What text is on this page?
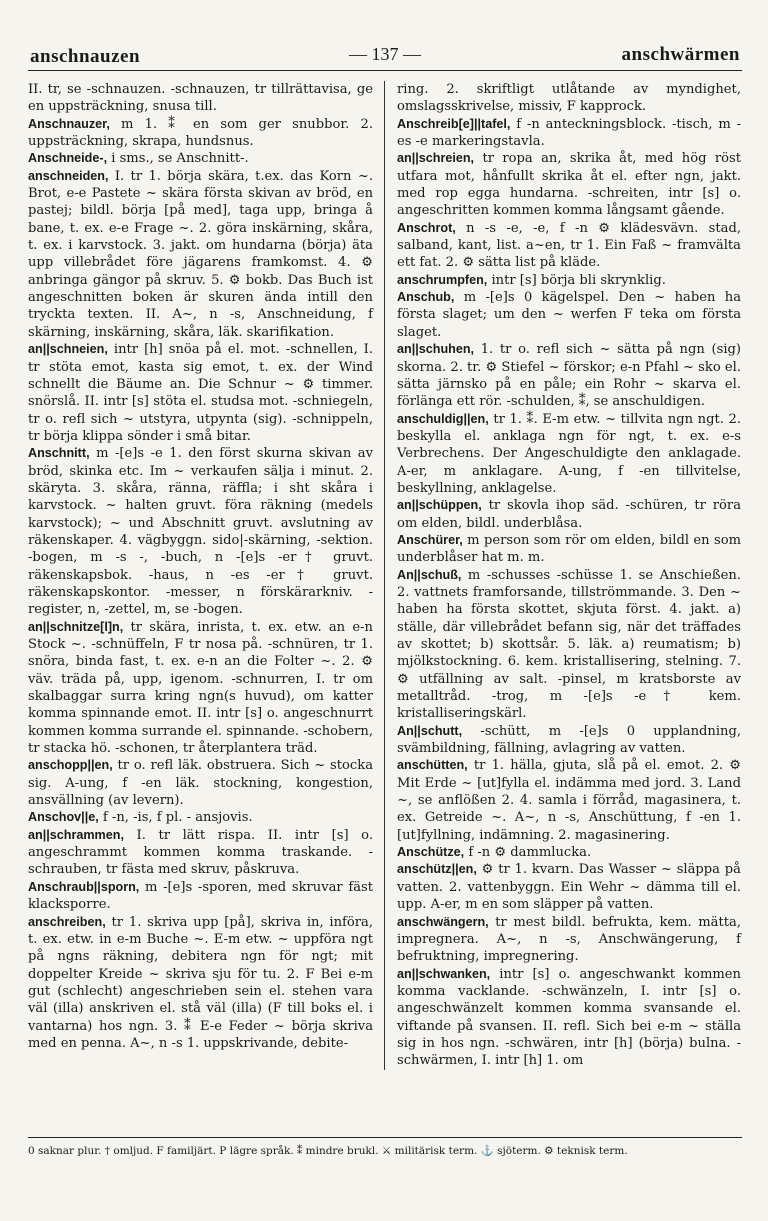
anschnauzen	— 137 —	anschwärmen

II. tr, se -schnauzen. -schnauzen, tr tillrättavisa, ge en uppsträckning, snusa till.

Anschnauzer, m 1. ⁑ en som ger snubbor. 2. uppsträckning, skrapa, hundsnus.

Anschneide-, i sms., se Anschnitt-.

anschneiden, I. tr 1. börja skära, t.ex. das Korn ~. Brot, e-e Pastete ~ skära första skivan av bröd, en pastej; bildl. börja [på med], taga upp, bringa å bane, t. ex. e-e Frage ~. 2. göra inskärning, skåra, t. ex. i karvstock. 3. jakt. om hundarna (börja) äta upp villebrådet före jägarens framkomst. 4. ⚙ anbringa gängor på skruv. 5. ⚙ bokb. Das Buch ist angeschnitten boken är skuren ända intill den tryckta texten. II. A~, n -s, Anschneidung, f skärning, inskärning, skåra, läk. skarifikation.

an||schneien, intr [h] snöa på el. mot. -schnellen, I. tr stöta emot, kasta sig emot, t. ex. der Wind schnellt die Bäume an. Die Schnur ~ ⚙ timmer. snörslå. II. intr [s] stöta el. studsa mot. -schniegeln, tr o. refl sich ~ utstyra, utpynta (sig). -schnippeln, tr börja klippa sönder i små bitar.

Anschnitt, m -[e]s -e 1. den först skurna skivan av bröd, skinka etc. Im ~ verkaufen sälja i minut. 2. skäryta. 3. skåra, ränna, räffla; i sht skåra i karvstock. ~ halten gruvt. föra räkning (medels karvstock); ~ und Abschnitt gruvt. avslutning av räkenskaper. 4. vägbyggn. sido|-skärning, -sektion. -bogen, m -s -, -buch, n -[e]s -er† gruvt. räkenskapsbok. -haus, n -es -er† gruvt. räkenskapskontor. -messer, n förskärarkniv. -register, n, -zettel, m, se -bogen.

an||schnitze[l]n, tr skära, inrista, t. ex. etw. an e-n Stock ~. -schnüffeln, F tr nosa på. -schnüren, tr 1. snöra, binda fast, t. ex. e-n an die Folter ~. 2. ⚙ väv. träda på, upp, igenom. -schnurren, I. tr om skalbaggar surra kring ngn(s huvud), om katter komma spinnande emot. II. intr [s] o. angeschnurrt kommen komma surrande el. spinnande. -schobern, tr stacka hö. -schonen, tr återplantera träd.

anschopp||en, tr o. refl läk. obstruera. Sich ~ stocka sig. A-ung, f -en läk. stockning, kongestion, ansvällning (av levern).

Anschov||e, f -n, -is, f pl. - ansjovis.

an||schrammen, I. tr lätt rispa. II. intr [s] o. angeschrammt kommen komma traskande. -schrauben, tr fästa med skruv, påskruva.

Anschraub||sporn, m -[e]s -sporen, med skruvar fäst klacksporre.

anschreiben, tr 1. skriva upp [på], skriva in, införa, t. ex. etw. in e-m Buche ~. E-m etw. ~ uppföra ngt på ngns räkning, debitera ngn för ngt; mit doppelter Kreide ~ skriva sju för tu. 2. F Bei e-m gut (schlecht) angeschrieben sein el. stehen vara väl (illa) anskriven el. stå väl (illa) (F till boks el. i vantarna) hos ngn. 3. ⁑ E-e Feder ~ börja skriva med en penna. A~, n -s 1. uppskrivande, debite-

ring. 2. skriftligt utlåtande av myndighet, omslagsskrivelse, missiv, F kapprock.

Anschreib[e]||tafel, f -n anteckningsblock. -tisch, m -es -e markeringstavla.

an||schreien, tr ropa an, skrika åt, med hög röst utfara mot, hånfullt skrika åt el. efter ngn, jakt. med rop egga hundarna. -schreiten, intr [s] o. angeschritten kommen komma långsamt gående.

Anschrot, n -s -e, -e, f -n ⚙ klädesvävn. stad, salband, kant, list. a~en, tr 1. Ein Faß ~ framvälta ett fat. 2. ⚙ sätta list på kläde.

anschrumpfen, intr [s] börja bli skrynklig.

Anschub, m -[e]s 0 kägelspel. Den ~ haben ha första slaget; um den ~ werfen F teka om första slaget.

an||schuhen, 1. tr o. refl sich ~ sätta på ngn (sig) skorna. 2. tr. ⚙ Stiefel ~ förskor; e-n Pfahl ~ sko el. sätta järnsko på en påle; ein Rohr ~ skarva el. förlänga ett rör. -schulden, ⁑, se anschuldigen.

anschuldig||en, tr 1. ⁑. E-m etw. ~ tillvita ngn ngt. 2. beskylla el. anklaga ngn för ngt, t. ex. e-s Verbrechens. Der Angeschuldigte den anklagade. A-er, m anklagare. A-ung, f -en tillvitelse, beskyllning, anklagelse.

an||schüppen, tr skovla ihop säd. -schüren, tr röra om elden, bildl. underblåsa.

Anschürer, m person som rör om elden, bildl en som underblåser hat m. m.

An||schuß, m -schusses -schüsse 1. se Anschießen. 2. vattnets framforsande, tillströmmande. 3. Den ~ haben ha första skottet, skjuta först. 4. jakt. a) ställe, där villebrådet befann sig, när det träffades av skottet; b) skottsår. 5. läk. a) reumatism; b) mjölkstockning. 6. kem. kristallisering, stelning. 7. ⚙ utfällning av salt. -pinsel, m kratsborste av metalltråd. -trog, m -[e]s -e† kem. kristalliseringskärl.

An||schutt, -schütt, m -[e]s 0 upplandning, svämbildning, fällning, avlagring av vatten.

anschütten, tr 1. hälla, gjuta, slå på el. emot. 2. ⚙ Mit Erde ~ [ut]fylla el. indämma med jord. 3. Land ~, se anflößen 2. 4. samla i förråd, magasinera, t. ex. Getreide ~. A~, n -s, Anschüttung, f -en 1. [ut]fyllning, indämning. 2. magasinering.

Anschütze, f -n ⚙ dammlucka.

anschütz||en, ⚙ tr 1. kvarn. Das Wasser ~ släppa på vatten. 2. vattenbyggn. Ein Wehr ~ dämma till el. upp. A-er, m en som släpper på vatten.

anschwängern, tr mest bildl. befrukta, kem. mätta, impregnera. A~, n -s, Anschwängerung, f befruktning, impregnering.

an||schwanken, intr [s] o. angeschwankt kommen komma vacklande. -schwänzeln, I. intr [s] o. angeschwänzelt kommen komma svansande el. viftande på svansen. II. refl. Sich bei e-m ~ ställa sig in hos ngn. -schwären, intr [h] (börja) bulna. -schwärmen, I. intr [h] 1. om

0 saknar plur. † omljud. F familjärt. P lägre språk. ⁑ mindre brukl. ⚔ militärisk term. ⚓ sjöterm. ⚙ teknisk term.
